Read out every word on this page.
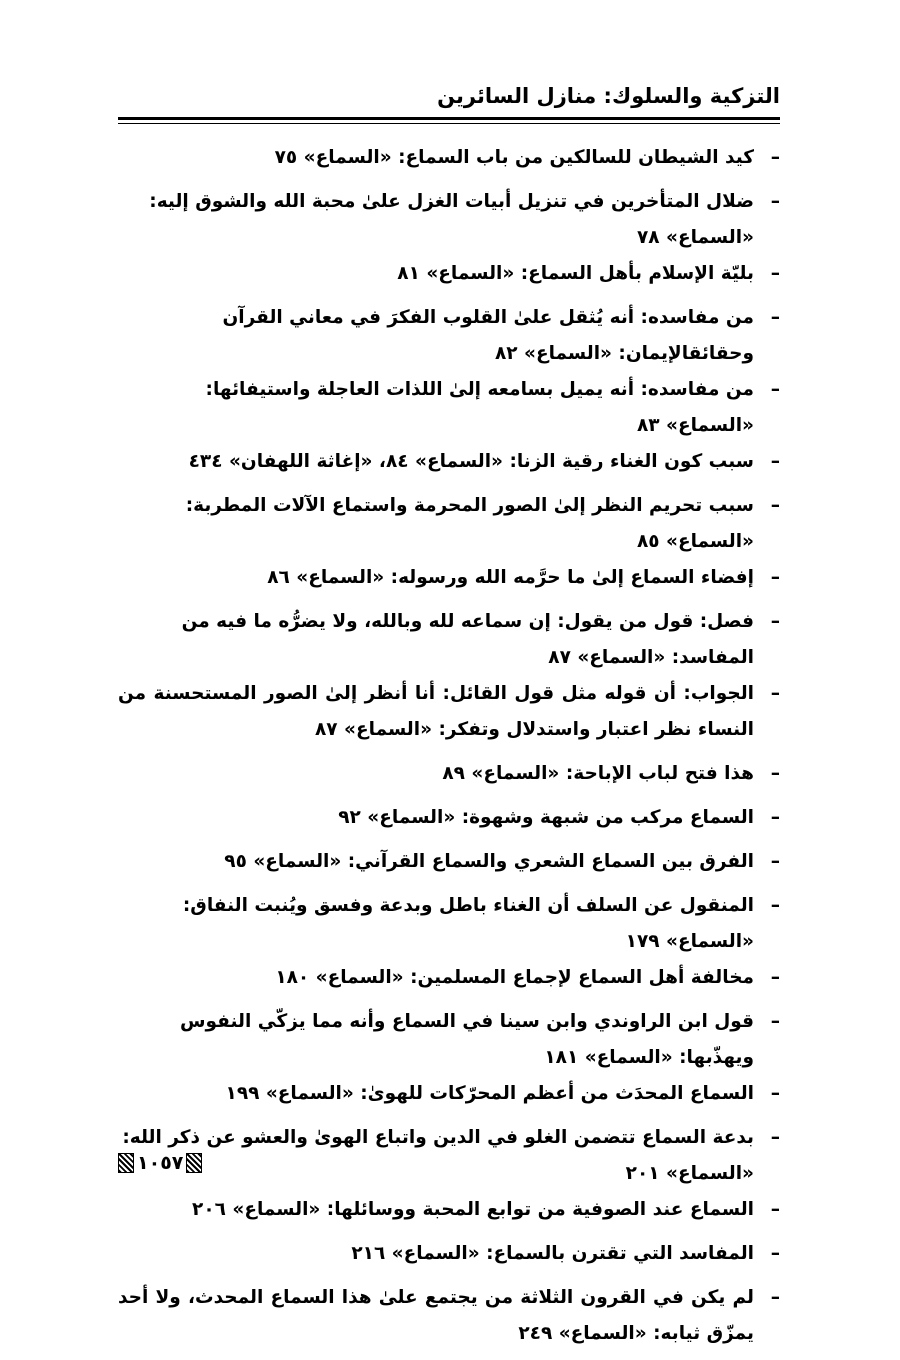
التزكية والسلوك: منازل السائرين
–
كيد الشيطان للسالكين من باب السماع: «السماع» ٧٥
–
ضلال المتأخرين في تنزيل أبيات الغزل علىٰ محبة الله والشوق إليه: «السماع» ٧٨
–
بليّة الإسلام بأهل السماع: «السماع» ٨١
–
من مفاسده: أنه يُثقل علىٰ القلوب الفكرَ في معاني القرآن وحقائقالإيمان: «السماع» ٨٢
–
من مفاسده: أنه يميل بسامعه إلىٰ اللذات العاجلة واستيفائها: «السماع» ٨٣
–
سبب كون الغناء رقية الزنا: «السماع» ٨٤، «إغاثة اللهفان» ٤٣٤
–
سبب تحريم النظر إلىٰ الصور المحرمة واستماع الآلات المطربة: «السماع» ٨٥
–
إفضاء السماع إلىٰ ما حرَّمه الله ورسوله: «السماع» ٨٦
–
فصل: قول من يقول: إن سماعه لله وبالله، ولا يضرُّه ما فيه من المفاسد: «السماع» ٨٧
–
الجواب: أن قوله مثل قول القائل: أنا أنظر إلىٰ الصور المستحسنة من النساء نظر اعتبار واستدلال وتفكر: «السماع» ٨٧
–
هذا فتح لباب الإباحة: «السماع» ٨٩
–
السماع مركب من شبهة وشهوة: «السماع» ٩٢
–
الفرق بين السماع الشعري والسماع القرآني: «السماع» ٩٥
–
المنقول عن السلف أن الغناء باطل وبدعة وفسق ويُنبت النفاق: «السماع» ١٧٩
–
مخالفة أهل السماع لإجماع المسلمين: «السماع» ١٨٠
–
قول ابن الراوندي وابن سينا في السماع وأنه مما يزكّي النفوس ويهذّبها: «السماع» ١٨١
–
السماع المحدَث من أعظم المحرّكات للهوىٰ: «السماع» ١٩٩
–
بدعة السماع تتضمن الغلو في الدين واتباع الهوىٰ والعشو عن ذكر الله: «السماع» ٢٠١
–
السماع عند الصوفية من توابع المحبة ووسائلها: «السماع» ٢٠٦
–
المفاسد التي تقترن بالسماع: «السماع» ٢١٦
–
لم يكن في القرون الثلاثة من يجتمع علىٰ هذا السماع المحدث، ولا أحد يمزّق ثيابه: «السماع» ٢٤٩
١٠٥٧
